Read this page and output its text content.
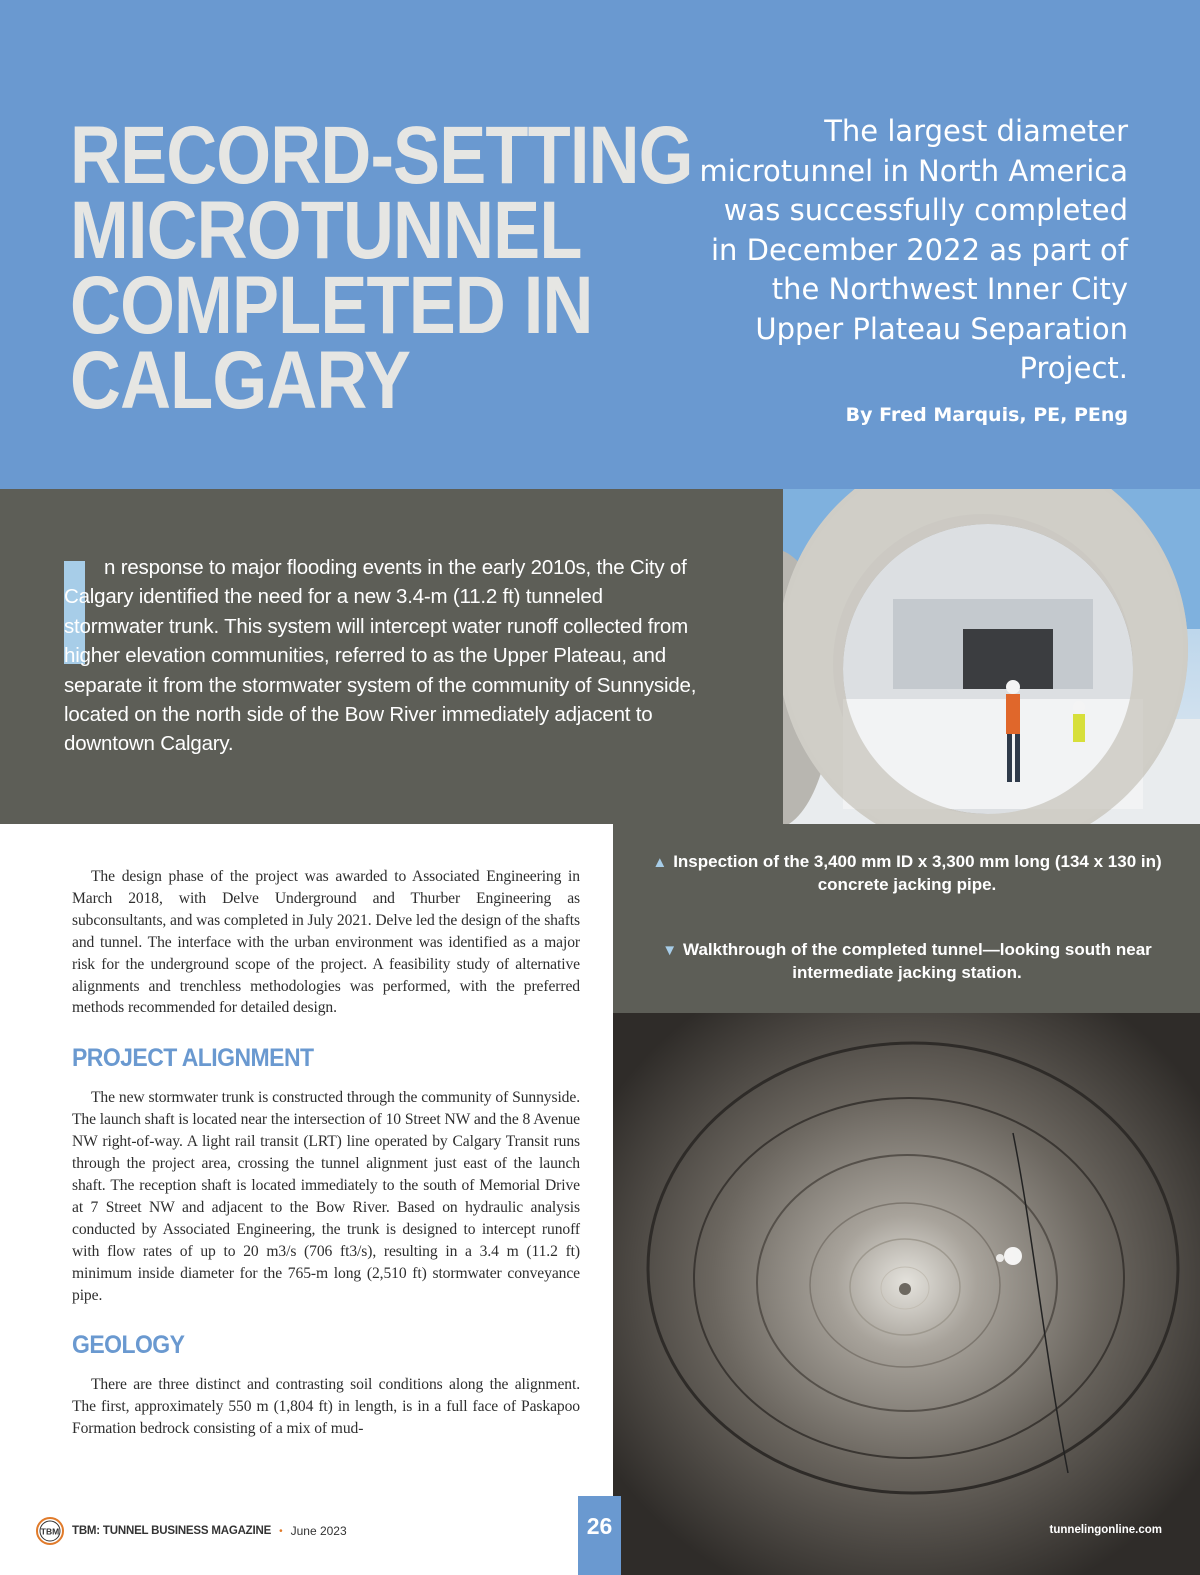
RECORD-SETTING
MICROTUNNEL
COMPLETED IN
CALGARY
The largest diameter microtunnel in North America was successfully completed in December 2022 as part of the Northwest Inner City Upper Plateau Separation Project.
By Fred Marquis, PE, PEng

n response to major flooding events in the early 2010s, the City of Calgary identified the need for a new 3.4-m (11.2 ft) tunneled stormwater trunk. This system will intercept water runoff collected from higher elevation communities, referred to as the Upper Plateau, and separate it from the stormwater system of the community of Sunnyside, located on the north side of the Bow River immediately adjacent to downtown Calgary.

▲ Inspection of the 3,400 mm ID x 3,300 mm long (134 x 130 in) concrete jacking pipe.
▼ Walkthrough of the completed tunnel—looking south near intermediate jacking station.

The design phase of the project was awarded to Associated Engineering in March 2018, with Delve Underground and Thurber Engineering as subconsultants, and was completed in July 2021. Delve led the design of the shafts and tunnel. The interface with the urban environment was identified as a major risk for the underground scope of the project. A feasibility study of alternative alignments and trenchless methodologies was performed, with the preferred methods recommended for detailed design.

PROJECT ALIGNMENT

The new stormwater trunk is constructed through the community of Sunnyside. The launch shaft is located near the intersection of 10 Street NW and the 8 Avenue NW right-of-way. A light rail transit (LRT) line operated by Calgary Transit runs through the project area, crossing the tunnel alignment just east of the launch shaft. The reception shaft is located immediately to the south of Memorial Drive at 7 Street NW and adjacent to the Bow River. Based on hydraulic analysis conducted by Associated Engineering, the trunk is designed to intercept runoff with flow rates of up to 20 m3/s (706 ft3/s), resulting in a 3.4 m (11.2 ft) minimum inside diameter for the 765-m long (2,510 ft) stormwater conveyance pipe.

GEOLOGY

There are three distinct and contrasting soil conditions along the alignment. The first, approximately 550 m (1,804 ft) in length, is in a full face of Paskapoo Formation bedrock consisting of a mix of mud-

TBM TBM: TUNNEL BUSINESS MAGAZINE • June 2023	26	tunnelingonline.com
